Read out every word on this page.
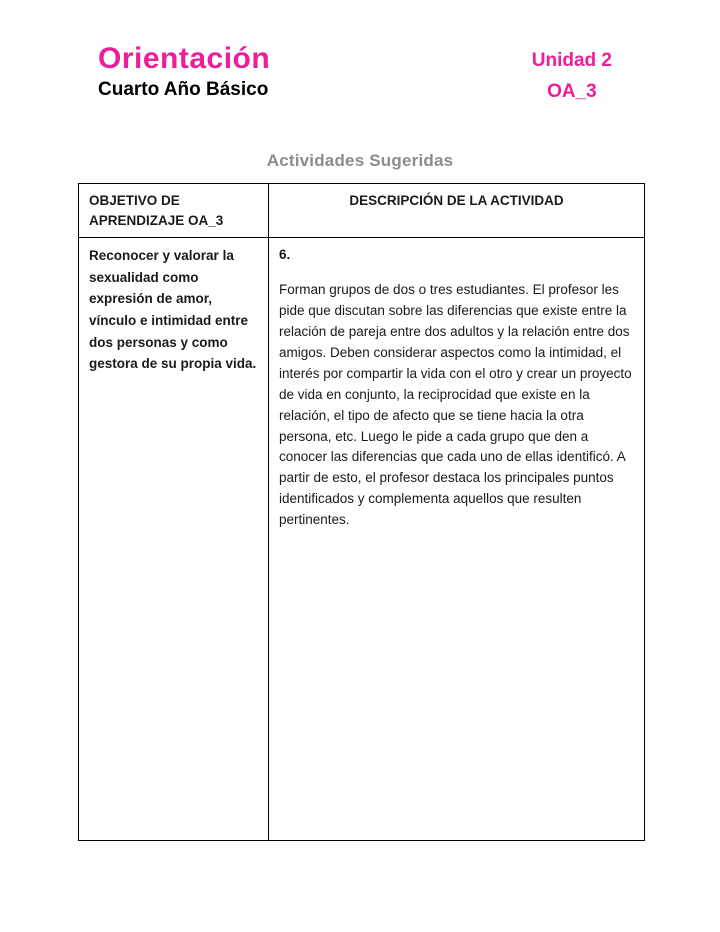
Orientación
Cuarto Año Básico
Unidad 2
OA_3
Actividades Sugeridas
OBJETIVO DE APRENDIZAJE OA_3	DESCRIPCIÓN DE LA ACTIVIDAD
Reconocer y valorar la sexualidad como expresión de amor, vínculo e intimidad entre dos personas y como gestora de su propia vida.	6.

Forman grupos de dos o tres estudiantes. El profesor les pide que discutan sobre las diferencias que existe entre la relación de pareja entre dos adultos y la relación entre dos amigos. Deben considerar aspectos como la intimidad, el interés por compartir la vida con el otro y crear un proyecto de vida en conjunto, la reciprocidad que existe en la relación, el tipo de afecto que se tiene hacia la otra persona, etc. Luego le pide a cada grupo que den a conocer las diferencias que cada uno de ellas identificó. A partir de esto, el profesor destaca los principales puntos identificados y complementa aquellos que resulten pertinentes.
